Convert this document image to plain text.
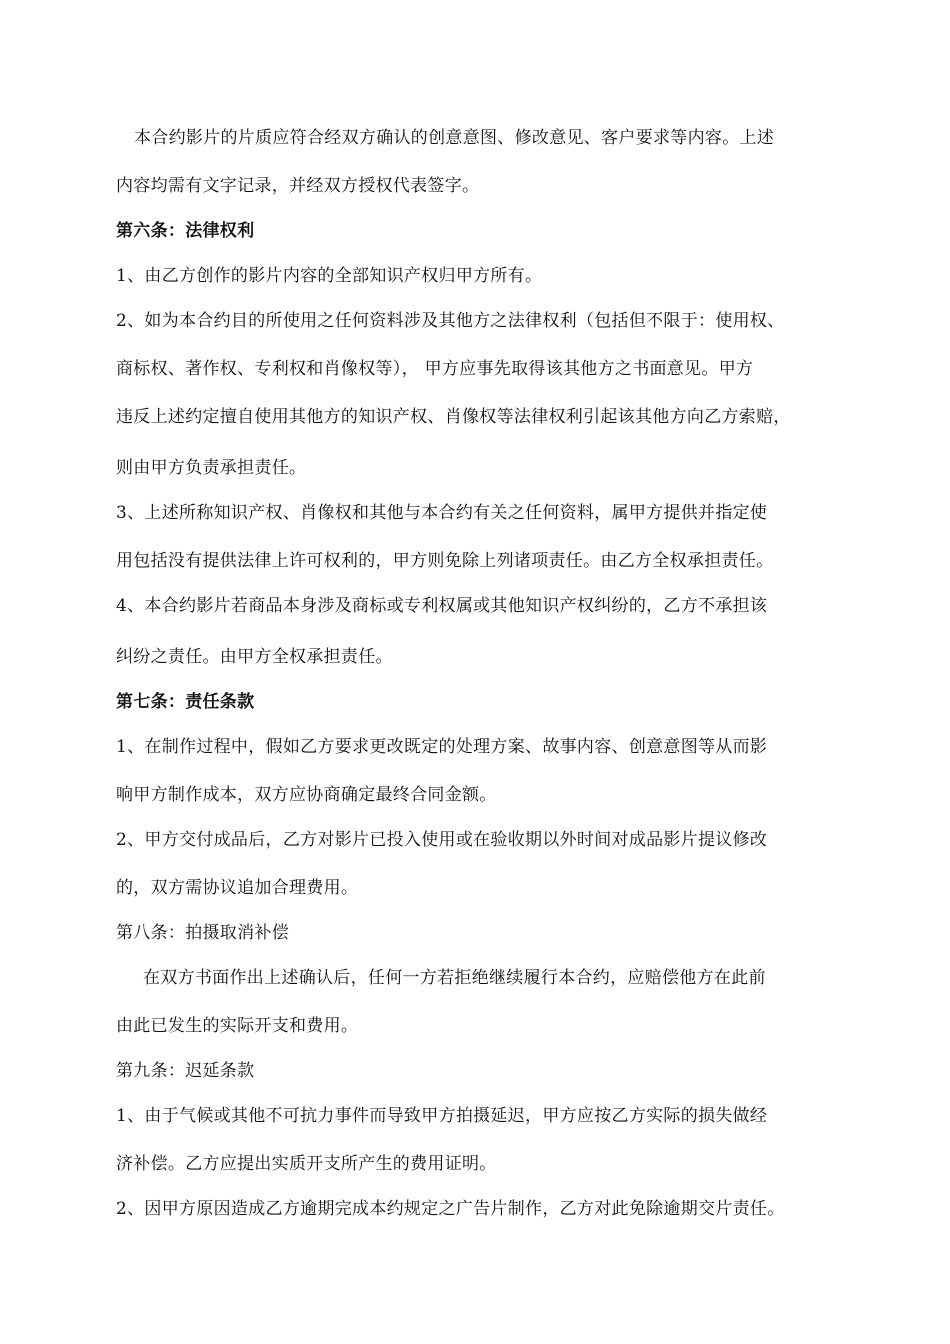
本合约影片的片质应符合经双方确认的创意意图、修改意见、客户要求等内容。上述
内容均需有文字记录，并经双方授权代表签字。
第六条：法律权利
1、由乙方创作的影片内容的全部知识产权归甲方所有。
2、如为本合约目的所使用之任何资料涉及其他方之法律权利（包括但不限于：使用权、
商标权、著作权、专利权和肖像权等）， 甲方应事先取得该其他方之书面意见。甲方
违反上述约定擅自使用其他方的知识产权、肖像权等法律权利引起该其他方向乙方索赔，
则由甲方负责承担责任。
3、上述所称知识产权、肖像权和其他与本合约有关之任何资料，属甲方提供并指定使
用包括没有提供法律上许可权利的，甲方则免除上列诸项责任。由乙方全权承担责任。
4、本合约影片若商品本身涉及商标或专利权属或其他知识产权纠纷的，乙方不承担该
纠纷之责任。由甲方全权承担责任。
第七条：责任条款
1、在制作过程中，假如乙方要求更改既定的处理方案、故事内容、创意意图等从而影
响甲方制作成本，双方应协商确定最终合同金额。
2、甲方交付成品后，乙方对影片已投入使用或在验收期以外时间对成品影片提议修改
的，双方需协议追加合理费用。
第八条：拍摄取消补偿
在双方书面作出上述确认后，任何一方若拒绝继续履行本合约，应赔偿他方在此前
由此已发生的实际开支和费用。
第九条：迟延条款
1、由于气候或其他不可抗力事件而导致甲方拍摄延迟，甲方应按乙方实际的损失做经
济补偿。乙方应提出实质开支所产生的费用证明。
2、因甲方原因造成乙方逾期完成本约规定之广告片制作，乙方对此免除逾期交片责任。
